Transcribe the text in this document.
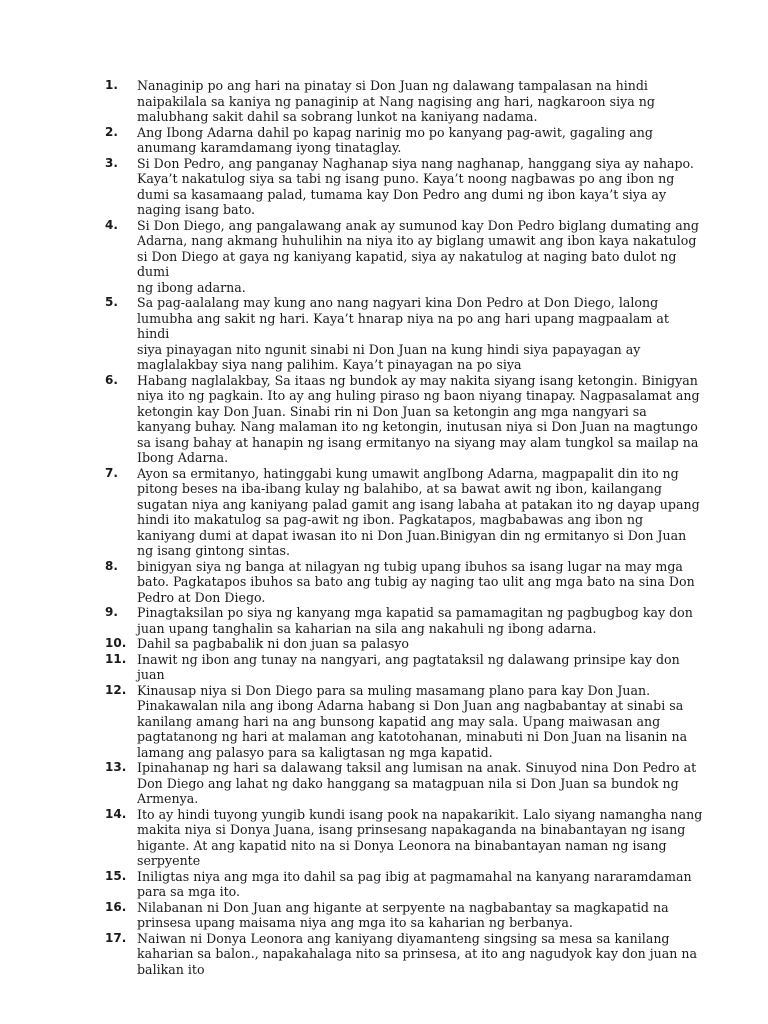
1.	Nanaginip po ang hari na pinatay si Don Juan ng dalawang tampalasan na hindi
naipakilala sa kaniya ng panaginip at Nang nagising ang hari, nagkaroon siya ng
malubhang sakit dahil sa sobrang lunkot na kaniyang nadama.
2.	Ang Ibong Adarna dahil po kapag narinig mo po kanyang pag-awit, gagaling ang
anumang karamdamang iyong tinataglay.
3.	Si Don Pedro, ang panganay Naghanap siya nang naghanap, hanggang siya ay nahapo.
Kaya’t nakatulog siya sa tabi ng isang puno. Kaya’t noong nagbawas po ang ibon ng
dumi sa kasamaang palad, tumama kay Don Pedro ang dumi ng ibon kaya’t siya ay
naging isang bato.
4.	Si Don Diego, ang pangalawang anak ay sumunod kay Don Pedro biglang dumating ang
Adarna, nang akmang huhulihin na niya ito ay biglang umawit ang ibon kaya nakatulog
si Don Diego at gaya ng kaniyang kapatid, siya ay nakatulog at naging bato dulot ng dumi
ng ibong adarna.
5.	Sa pag-aalalang may kung ano nang nagyari kina Don Pedro at Don Diego, lalong
lumubha ang sakit ng hari. Kaya’t hnarap niya na po ang hari upang magpaalam at hindi
siya pinayagan nito ngunit sinabi ni Don Juan na kung hindi siya papayagan ay
maglalakbay siya nang palihim. Kaya’t pinayagan na po siya
6.	Habang naglalakbay, Sa itaas ng bundok ay may nakita siyang isang ketongin. Binigyan
niya ito ng pagkain. Ito ay ang huling piraso ng baon niyang tinapay. Nagpasalamat ang
ketongin kay Don Juan. Sinabi rin ni Don Juan sa ketongin ang mga nangyari sa
kanyang buhay. Nang malaman ito ng ketongin, inutusan niya si Don Juan na magtungo
sa isang bahay at hanapin ng isang ermitanyo na siyang may alam tungkol sa mailap na
Ibong Adarna.
7.	Ayon sa ermitanyo, hatinggabi kung umawit angIbong Adarna, magpapalit din ito ng
pitong beses na iba-ibang kulay ng balahibo, at sa bawat awit ng ibon, kailangang
sugatan niya ang kaniyang palad gamit ang isang labaha at patakan ito ng dayap upang
hindi ito makatulog sa pag-awit ng ibon. Pagkatapos, magbabawas ang ibon ng
kaniyang dumi at dapat iwasan ito ni Don Juan.Binigyan din ng ermitanyo si Don Juan
ng isang gintong sintas.
8.	binigyan siya ng banga at nilagyan ng tubig upang ibuhos sa isang lugar na may mga
bato. Pagkatapos ibuhos sa bato ang tubig ay naging tao ulit ang mga bato na sina Don
Pedro at Don Diego.
9.	Pinagtaksilan po siya ng kanyang mga kapatid sa pamamagitan ng pagbugbog kay don
juan upang tanghalin sa kaharian na sila ang nakahuli ng ibong adarna.
10. Dahil sa pagbabalik ni don juan sa palasyo
11. Inawit ng ibon ang tunay na nangyari, ang pagtataksil ng dalawang prinsipe kay don juan
12. Kinausap niya si Don Diego para sa muling masamang plano para kay Don Juan.
Pinakawalan nila ang ibong Adarna habang si Don Juan ang nagbabantay at sinabi sa
kanilang amang hari na ang bunsong kapatid ang may sala. Upang maiwasan ang
pagtatanong ng hari at malaman ang katotohanan, minabuti ni Don Juan na lisanin na
lamang ang palasyo para sa kaligtasan ng mga kapatid.
13. Ipinahanap ng hari sa dalawang taksil ang lumisan na anak. Sinuyod nina Don Pedro at
Don Diego ang lahat ng dako hanggang sa matagpuan nila si Don Juan sa bundok ng
Armenya.
14. Ito ay hindi tuyong yungib kundi isang pook na napakarikit. Lalo siyang namangha nang
makita niya si Donya Juana, isang prinsesang napakaganda na binabantayan ng isang
higante. At ang kapatid nito na si Donya Leonora na binabantayan naman ng isang
serpyente
15. Iniligtas niya ang mga ito dahil sa pag ibig at pagmamahal na kanyang nararamdaman
para sa mga ito.
16. Nilabanan ni Don Juan ang higante at serpyente na nagbabantay sa magkapatid na
prinsesa upang maisama niya ang mga ito sa kaharian ng berbanya.
17. Naiwan ni Donya Leonora ang kaniyang diyamanteng singsing sa mesa sa kanilang
kaharian sa balon., napakahalaga nito sa prinsesa, at ito ang nagudyok kay don juan na
balikan ito
